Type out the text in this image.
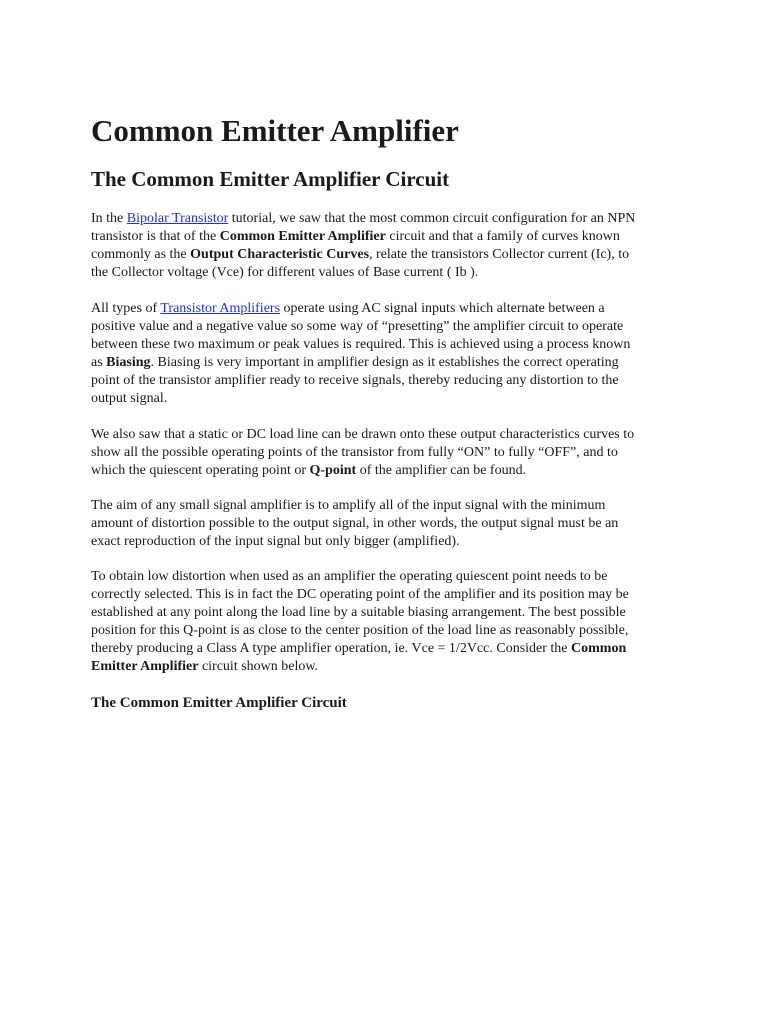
Common Emitter Amplifier
The Common Emitter Amplifier Circuit

In the Bipolar Transistor tutorial, we saw that the most common circuit configuration for an NPN
transistor is that of the Common Emitter Amplifier circuit and that a family of curves known
commonly as the Output Characteristic Curves, relate the transistors Collector current (Ic), to
the Collector voltage (Vce) for different values of Base current ( Ib ).

All types of Transistor Amplifiers operate using AC signal inputs which alternate between a
positive value and a negative value so some way of “presetting” the amplifier circuit to operate
between these two maximum or peak values is required. This is achieved using a process known
as Biasing. Biasing is very important in amplifier design as it establishes the correct operating
point of the transistor amplifier ready to receive signals, thereby reducing any distortion to the
output signal.

We also saw that a static or DC load line can be drawn onto these output characteristics curves to
show all the possible operating points of the transistor from fully “ON” to fully “OFF”, and to
which the quiescent operating point or Q-point of the amplifier can be found.

The aim of any small signal amplifier is to amplify all of the input signal with the minimum
amount of distortion possible to the output signal, in other words, the output signal must be an
exact reproduction of the input signal but only bigger (amplified).

To obtain low distortion when used as an amplifier the operating quiescent point needs to be
correctly selected. This is in fact the DC operating point of the amplifier and its position may be
established at any point along the load line by a suitable biasing arrangement. The best possible
position for this Q-point is as close to the center position of the load line as reasonably possible,
thereby producing a Class A type amplifier operation, ie. Vce = 1/2Vcc. Consider the Common
Emitter Amplifier circuit shown below.

The Common Emitter Amplifier Circuit
